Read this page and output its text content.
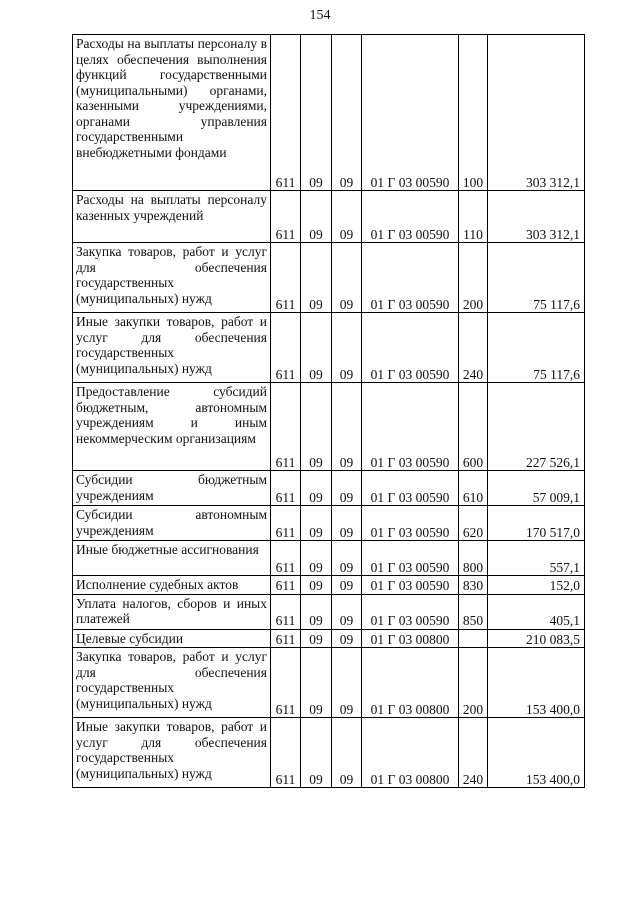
154
Расходы на выплаты персоналу в целях обеспечения выполнения функций государственными (муниципальными) органами, казенными учреждениями, органами управления государственными внебюджетными фондами	611	09	09	01 Г 03 00590	100	303 312,1
Расходы на выплаты персоналу казенных учреждений	611	09	09	01 Г 03 00590	110	303 312,1
Закупка товаров, работ и услуг для обеспечения государственных (муниципальных) нужд	611	09	09	01 Г 03 00590	200	75 117,6
Иные закупки товаров, работ и услуг для обеспечения государственных (муниципальных) нужд	611	09	09	01 Г 03 00590	240	75 117,6
Предоставление субсидий бюджетным, автономным учреждениям и иным некоммерческим организациям	611	09	09	01 Г 03 00590	600	227 526,1
Субсидии бюджетным учреждениям	611	09	09	01 Г 03 00590	610	57 009,1
Субсидии автономным учреждениям	611	09	09	01 Г 03 00590	620	170 517,0
Иные бюджетные ассигнования	611	09	09	01 Г 03 00590	800	557,1
Исполнение судебных актов	611	09	09	01 Г 03 00590	830	152,0
Уплата налогов, сборов и иных платежей	611	09	09	01 Г 03 00590	850	405,1
Целевые субсидии	611	09	09	01 Г 03 00800		210 083,5
Закупка товаров, работ и услуг для обеспечения государственных (муниципальных) нужд	611	09	09	01 Г 03 00800	200	153 400,0
Иные закупки товаров, работ и услуг для обеспечения государственных (муниципальных) нужд	611	09	09	01 Г 03 00800	240	153 400,0
